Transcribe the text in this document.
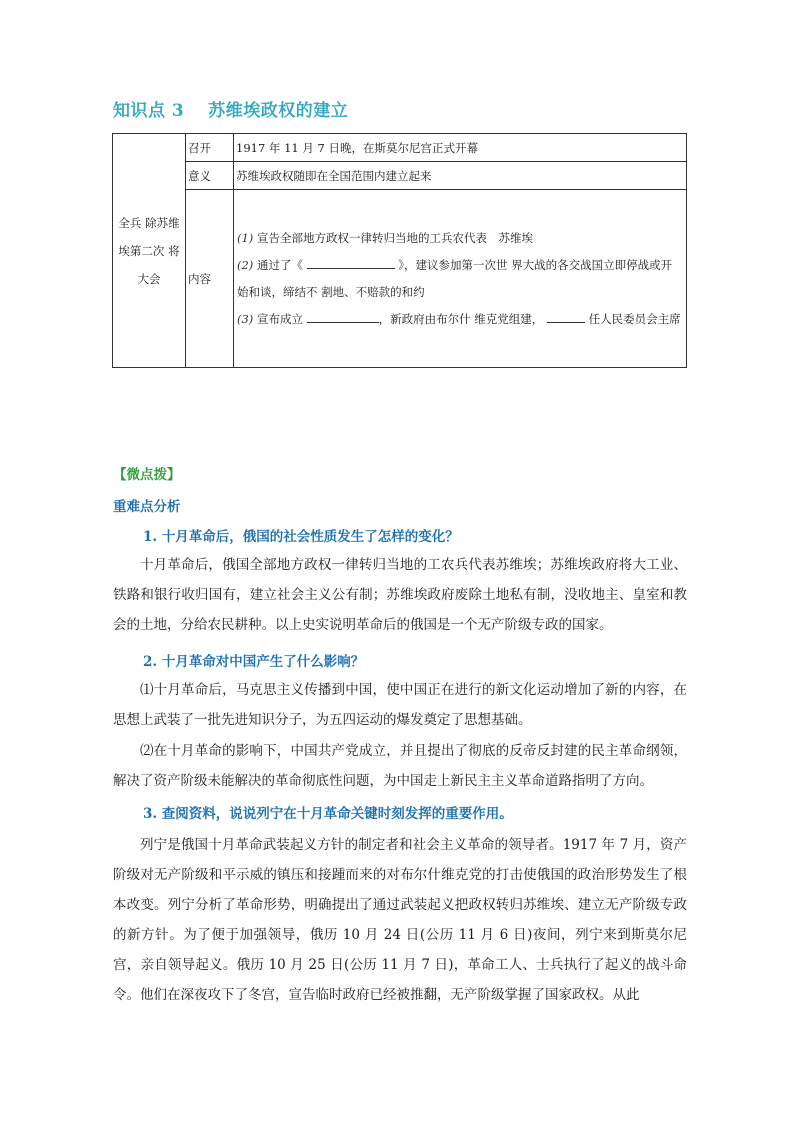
知识点 3 苏维埃政权的建立
全兵 除苏维埃第二次 将大会	召开	1917 年 11 月 7 日晚，在斯莫尔尼宫正式开幕
	意义	苏维埃政权随即在全国范围内建立起来
	内容	(1) 宣告全部地方政权一律转归当地的工兵农代表　苏维埃
(2) 通过了《 》，建议参加第一次世 界大战的各交战国立即停战或开始和谈，缔结不 割地、不赔款的和约
(3) 宣布成立 ，新政府由布尔什 维克党组建， 任人民委员会主席
【微点拨】
重难点分析
1. 十月革命后，俄国的社会性质发生了怎样的变化？
十月革命后，俄国全部地方政权一律转归当地的工农兵代表苏维埃；苏维埃政府将大工业、铁路和银行收归国有，建立社会主义公有制；苏维埃政府废除土地私有制，没收地主、皇室和教会的土地，分给农民耕种。以上史实说明革命后的俄国是一个无产阶级专政的国家。
2. 十月革命对中国产生了什么影响？
⑴十月革命后，马克思主义传播到中国，使中国正在进行的新文化运动增加了新的内容，在思想上武装了一批先进知识分子，为五四运动的爆发奠定了思想基础。
⑵在十月革命的影响下，中国共产党成立，并且提出了彻底的反帝反封建的民主革命纲领，解决了资产阶级未能解决的革命彻底性问题，为中国走上新民主主义革命道路指明了方向。
3. 查阅资料，说说列宁在十月革命关键时刻发挥的重要作用。
列宁是俄国十月革命武装起义方针的制定者和社会主义革命的领导者。1917 年 7 月，资产阶级对无产阶级和平示威的镇压和接踵而来的对布尔什维克党的打击使俄国的政治形势发生了根本改变。列宁分析了革命形势，明确提出了通过武装起义把政权转归苏维埃、建立无产阶级专政的新方针。为了便于加强领导，俄历 10 月 24 日(公历 11 月 6 日)夜间，列宁来到斯莫尔尼宫，亲自领导起义。俄历 10 月 25 日(公历 11 月 7 日)，革命工人、士兵执行了起义的战斗命令。他们在深夜攻下了冬宫，宣告临时政府已经被推翻，无产阶级掌握了国家政权。从此
